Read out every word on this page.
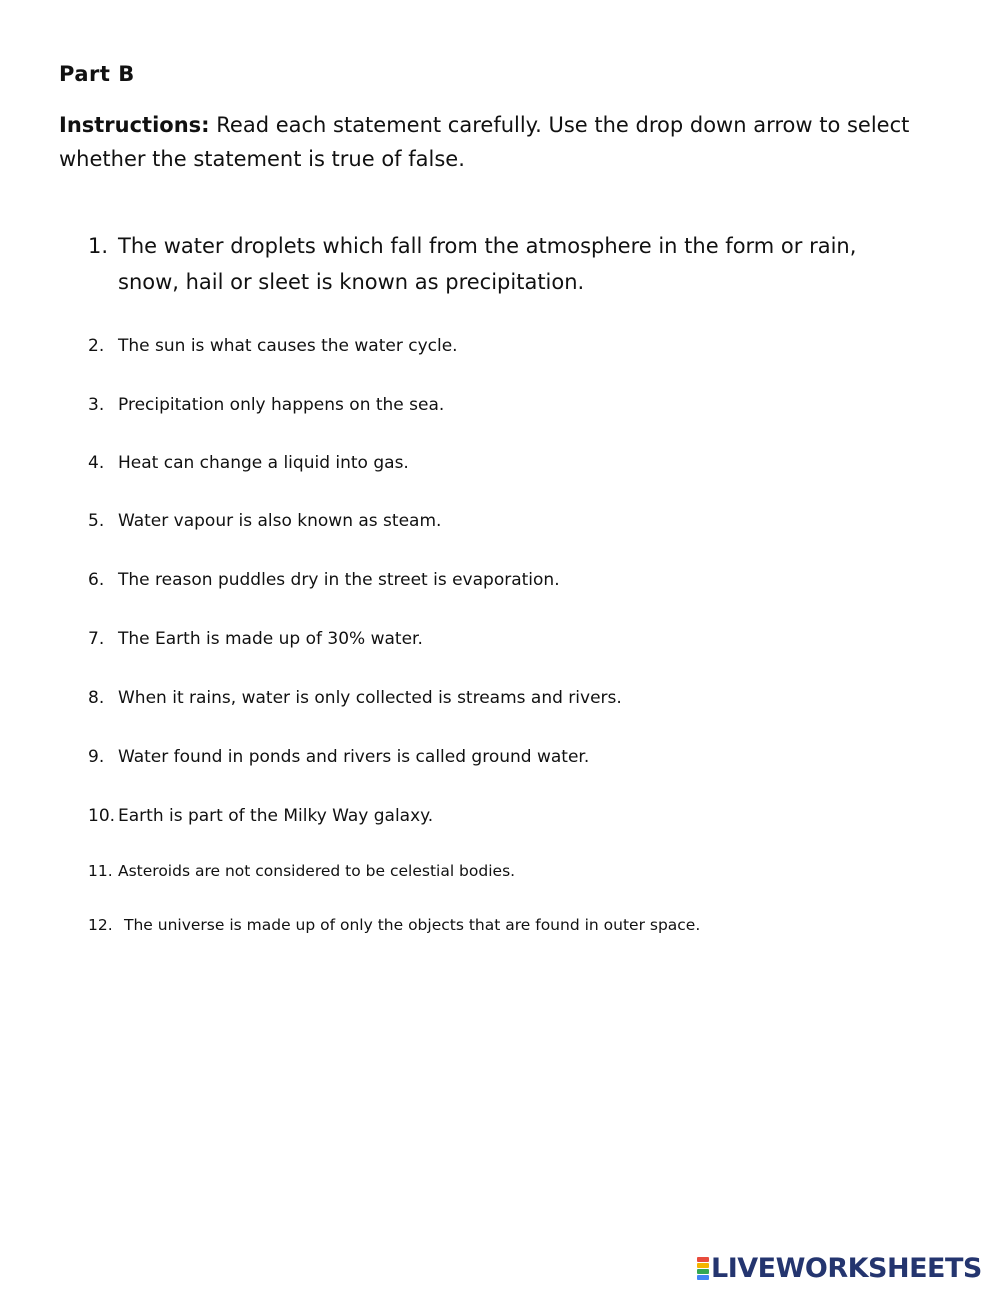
Part B

Instructions: Read each statement carefully. Use the drop down arrow to select whether the statement is true of false.

1. The water droplets which fall from the atmosphere in the form or rain, snow, hail or sleet is known as precipitation.
2. The sun is what causes the water cycle.
3. Precipitation only happens on the sea.
4. Heat can change a liquid into gas.
5. Water vapour is also known as steam.
6. The reason puddles dry in the street is evaporation.
7. The Earth is made up of 30% water.
8. When it rains, water is only collected is streams and rivers.
9. Water found in ponds and rivers is called ground water.
10. Earth is part of the Milky Way galaxy.
11. Asteroids are not considered to be celestial bodies.
12. The universe is made up of only the objects that are found in outer space.
LIVEWORKSHEETS
